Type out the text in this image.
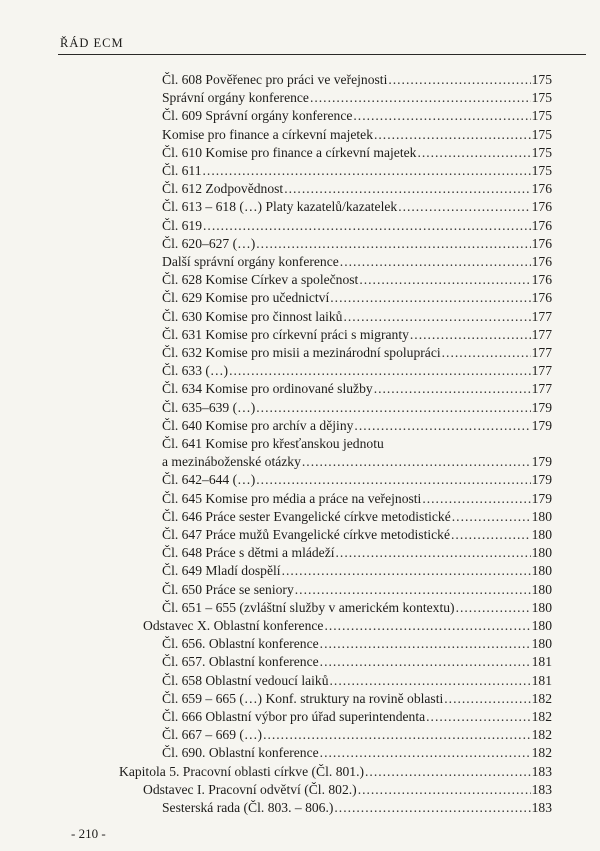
ŘÁD ECM
Čl. 608 Pověřenec pro práci ve veřejnosti .....	175
Správní orgány konference .....	175
Čl. 609 Správní orgány konference .....	175
Komise pro finance a církevní majetek .....	175
Čl. 610 Komise pro finance a církevní majetek .....	175
Čl. 611 .....	175
Čl. 612 Zodpovědnost .....	176
Čl. 613 – 618 (…) Platy kazatelů/kazatelek .....	176
Čl. 619 .....	176
Čl. 620–627 (…) .....	176
Další správní orgány konference .....	176
Čl. 628 Komise Církev a společnost .....	176
Čl. 629 Komise pro učednictví .....	176
Čl. 630 Komise pro činnost laiků .....	177
Čl. 631 Komise pro církevní práci s migranty .....	177
Čl. 632 Komise pro misii a mezinárodní spolupráci .....	177
Čl. 633 (…) .....	177
Čl. 634 Komise pro ordinované služby .....	177
Čl. 635–639 (…) .....	179
Čl. 640 Komise pro archív a dějiny .....	179
Čl. 641 Komise pro křesťanskou jednotu
a mezináboženské otázky .....	179
Čl. 642–644 (…) .....	179
Čl. 645 Komise pro média a práce na veřejnosti .....	179
Čl. 646 Práce sester Evangelické církve metodistické .....	180
Čl. 647 Práce mužů Evangelické církve metodistické .....	180
Čl. 648 Práce s dětmi a mládeží .....	180
Čl. 649 Mladí dospělí .....	180
Čl. 650 Práce se seniory .....	180
Čl. 651 – 655 (zvláštní služby v americkém kontextu) .....	180
Odstavec X. Oblastní konference .....	180
Čl. 656. Oblastní konference .....	180
Čl. 657. Oblastní konference .....	181
Čl. 658 Oblastní vedoucí laiků .....	181
Čl. 659 – 665 (…) Konf. struktury na rovině oblasti .....	182
Čl. 666 Oblastní výbor pro úřad superintendenta .....	182
Čl. 667 – 669 (…) .....	182
Čl. 690. Oblastní konference .....	182
Kapitola 5. Pracovní oblasti církve (Čl. 801.) .....	183
Odstavec I. Pracovní odvětví (Čl. 802.) .....	183
Sesterská rada (Čl. 803. – 806.) .....	183
- 210 -
